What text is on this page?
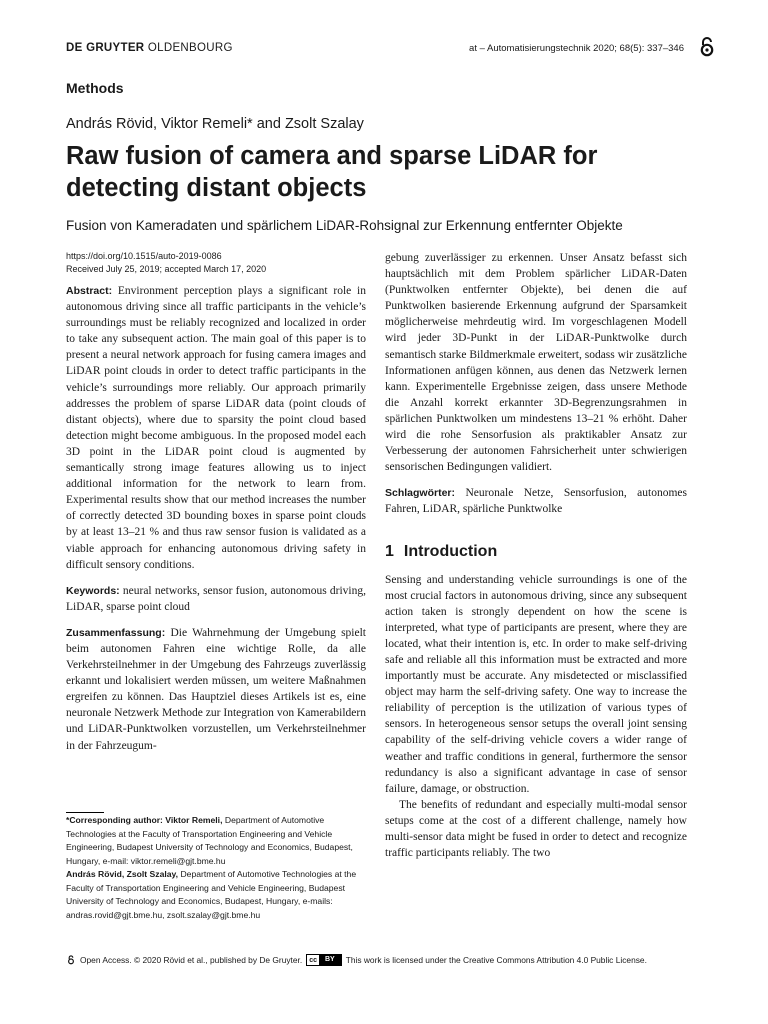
DE GRUYTER OLDENBOURG	at – Automatisierungstechnik 2020; 68(5): 337–346
Methods
András Rövid, Viktor Remeli* and Zsolt Szalay
Raw fusion of camera and sparse LiDAR for detecting distant objects
Fusion von Kameradaten und spärlichem LiDAR-Rohsignal zur Erkennung entfernter Objekte
https://doi.org/10.1515/auto-2019-0086
Received July 25, 2019; accepted March 17, 2020

Abstract: Environment perception plays a significant role in autonomous driving since all traffic participants in the vehicle’s surroundings must be reliably recognized and localized in order to take any subsequent action. The main goal of this paper is to present a neural network approach for fusing camera images and LiDAR point clouds in order to detect traffic participants in the vehicle’s surroundings more reliably. Our approach primarily addresses the problem of sparse LiDAR data (point clouds of distant objects), where due to sparsity the point cloud based detection might become ambiguous. In the proposed model each 3D point in the LiDAR point cloud is augmented by semantically strong image features allowing us to inject additional information for the network to learn from. Experimental results show that our method increases the number of correctly detected 3D bounding boxes in sparse point clouds by at least 13–21 % and thus raw sensor fusion is validated as a viable approach for enhancing autonomous driving safety in difficult sensory conditions.

Keywords: neural networks, sensor fusion, autonomous driving, LiDAR, sparse point cloud

Zusammenfassung: Die Wahrnehmung der Umgebung spielt beim autonomen Fahren eine wichtige Rolle, da alle Verkehrsteilnehmer in der Umgebung des Fahrzeugs zuverlässig erkannt und lokalisiert werden müssen, um weitere Maßnahmen ergreifen zu können. Das Hauptziel dieses Artikels ist es, eine neuronale Netzwerk Methode zur Integration von Kamerabildern und LiDAR-Punktwolken vorzustellen, um Verkehrsteilnehmer in der Fahrzeugum-

*Corresponding author: Viktor Remeli, Department of Automotive Technologies at the Faculty of Transportation Engineering and Vehicle Engineering, Budapest University of Technology and Economics, Budapest, Hungary, e-mail: viktor.remeli@gjt.bme.hu
András Rövid, Zsolt Szalay, Department of Automotive Technologies at the Faculty of Transportation Engineering and Vehicle Engineering, Budapest University of Technology and Economics, Budapest, Hungary, e-mails: andras.rovid@gjt.bme.hu, zsolt.szalay@gjt.bme.hu

gebung zuverlässiger zu erkennen. Unser Ansatz befasst sich hauptsächlich mit dem Problem spärlicher LiDAR-Daten (Punktwolken entfernter Objekte), bei denen die auf Punktwolken basierende Erkennung aufgrund der Sparsamkeit möglicherweise mehrdeutig wird. Im vorgeschlagenen Modell wird jeder 3D-Punkt in der LiDAR-Punktwolke durch semantisch starke Bildmerkmale erweitert, sodass wir zusätzliche Informationen anfügen können, aus denen das Netzwerk lernen kann. Experimentelle Ergebnisse zeigen, dass unsere Methode die Anzahl korrekt erkannter 3D-Begrenzungsrahmen in spärlichen Punktwolken um mindestens 13–21 % erhöht. Daher wird die rohe Sensorfusion als praktikabler Ansatz zur Verbesserung der autonomen Fahrsicherheit unter schwierigen sensorischen Bedingungen validiert.

Schlagwörter: Neuronale Netze, Sensorfusion, autonomes Fahren, LiDAR, spärliche Punktwolke

1 Introduction

Sensing and understanding vehicle surroundings is one of the most crucial factors in autonomous driving, since any subsequent action taken is strongly dependent on how the scene is interpreted, what type of participants are present, where they are located, what their intention is, etc. In order to make self-driving safe and reliable all this information must be extracted and more importantly must be accurate. Any misdetected or misclassified object may harm the self-driving safety. One way to increase the reliability of perception is the utilization of various types of sensors. In heterogeneous sensor setups the overall joint sensing capability of the self-driving vehicle covers a wider range of weather and traffic conditions in general, furthermore the sensor redundancy is also a significant advantage in case of sensor failure, damage, or obstruction.

The benefits of redundant and especially multi-modal sensor setups come at the cost of a different challenge, namely how multi-sensor data might be fused in order to detect and recognize traffic participants reliably. The two

Open Access. © 2020 Rövid et al., published by De Gruyter. cc	BY	This work is licensed under the Creative Commons Attribution 4.0 Public License.
